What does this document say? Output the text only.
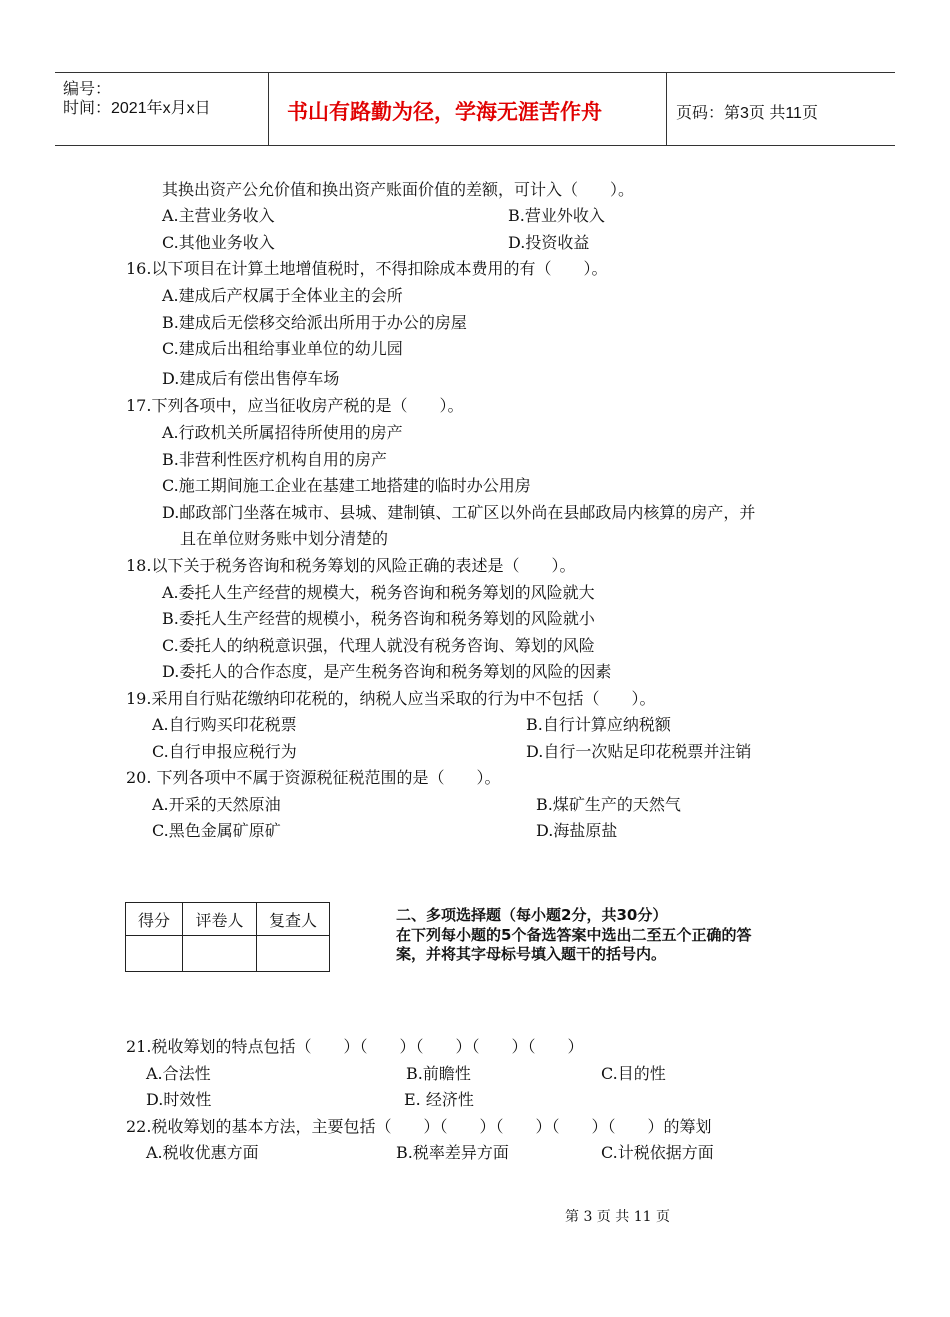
编号：
时间：2021年x月x日	书山有路勤为径，学海无涯苦作舟	页码：第3页 共11页
其换出资产公允价值和换出资产账面价值的差额，可计入（　　）。
A.主营业务收入	B.营业外收入
C.其他业务收入	D.投资收益
16.以下项目在计算土地增值税时，不得扣除成本费用的有（　　）。
A.建成后产权属于全体业主的会所
B.建成后无偿移交给派出所用于办公的房屋
C.建成后出租给事业单位的幼儿园
D.建成后有偿出售停车场
17.下列各项中，应当征收房产税的是（　　）。
A.行政机关所属招待所使用的房产
B.非营利性医疗机构自用的房产
C.施工期间施工企业在基建工地搭建的临时办公用房
D.邮政部门坐落在城市、县城、建制镇、工矿区以外尚在县邮政局内核算的房产，并
且在单位财务账中划分清楚的
18.以下关于税务咨询和税务筹划的风险正确的表述是（　　）。
A.委托人生产经营的规模大，税务咨询和税务筹划的风险就大
B.委托人生产经营的规模小，税务咨询和税务筹划的风险就小
C.委托人的纳税意识强，代理人就没有税务咨询、筹划的风险
D.委托人的合作态度，是产生税务咨询和税务筹划的风险的因素
19.采用自行贴花缴纳印花税的，纳税人应当采取的行为中不包括（　　）。
A.自行购买印花税票	B.自行计算应纳税额
C.自行申报应税行为	D.自行一次贴足印花税票并注销
20. 下列各项中不属于资源税征税范围的是（　　）。
A.开采的天然原油	B.煤矿生产的天然气
C.黑色金属矿原矿	D.海盐原盐
得分	评卷人	复查人
			二、多项选择题（每小题2分，共30分）
在下列每小题的5个备选答案中选出二至五个正确的答
案，并将其字母标号填入题干的括号内。
21.税收筹划的特点包括（　　）（　　）（　　）（　　）（　　）
A.合法性	B.前瞻性	C.目的性
D.时效性	E. 经济性
22.税收筹划的基本方法，主要包括（　　）（　　）（　　）（　　）（　　）的筹划
A.税收优惠方面	B.税率差异方面	C.计税依据方面
第 3 页 共 11 页
